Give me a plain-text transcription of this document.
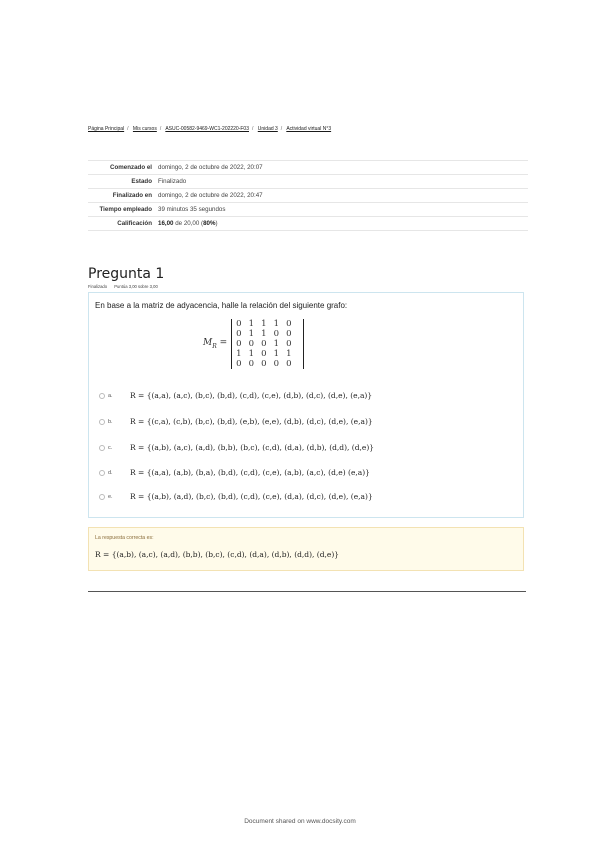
Página Principal / Mis cursos / ASUC-00582-9469-WC1-202220-F03 / Unidad 3 / Actividad virtual N°3
Comenzado el domingo, 2 de octubre de 2022, 20:07
Estado Finalizado
Finalizado en domingo, 2 de octubre de 2022, 20:47
Tiempo empleado 39 minutos 35 segundos
Calificación 16,00 de 20,00 (80%)
Pregunta 1
Finalizado Puntúa 3,00 sobre 3,00
En base a la matriz de adyacencia, halle la relación del siguiente grafo:
$M_R$ =
0 1 1 1 0
0 1 1 0 0
0 0 0 1 0
1 1 0 1 1
0 0 0 0 0
a.	R = {(a,a), (a,c), (b,c), (b,d), (c,d), (c,e), (d,b), (d,c), (d,e), (e,a)}
b.	R = {(c,a), (c,b), (b,c), (b,d), (e,b), (e,e), (d,b), (d,c), (d,e), (e,a)}
c.	R = {(a,b), (a,c), (a,d), (b,b), (b,c), (c,d), (d,a), (d,b), (d,d), (d,e)}
d.	R = {(a,a), (a,b), (b,a), (b,d), (c,d), (c,e), (a,b), (a,c), (d,e) (e,a)}
e.	R = {(a,b), (a,d), (b,c), (b,d), (c,d), (c,e), (d,a), (d,c), (d,e), (e,a)}
La respuesta correcta es:
R = {(a,b), (a,c), (a,d), (b,b), (b,c), (c,d), (d,a), (d,b), (d,d), (d,e)}
Document shared on www.docsity.com
